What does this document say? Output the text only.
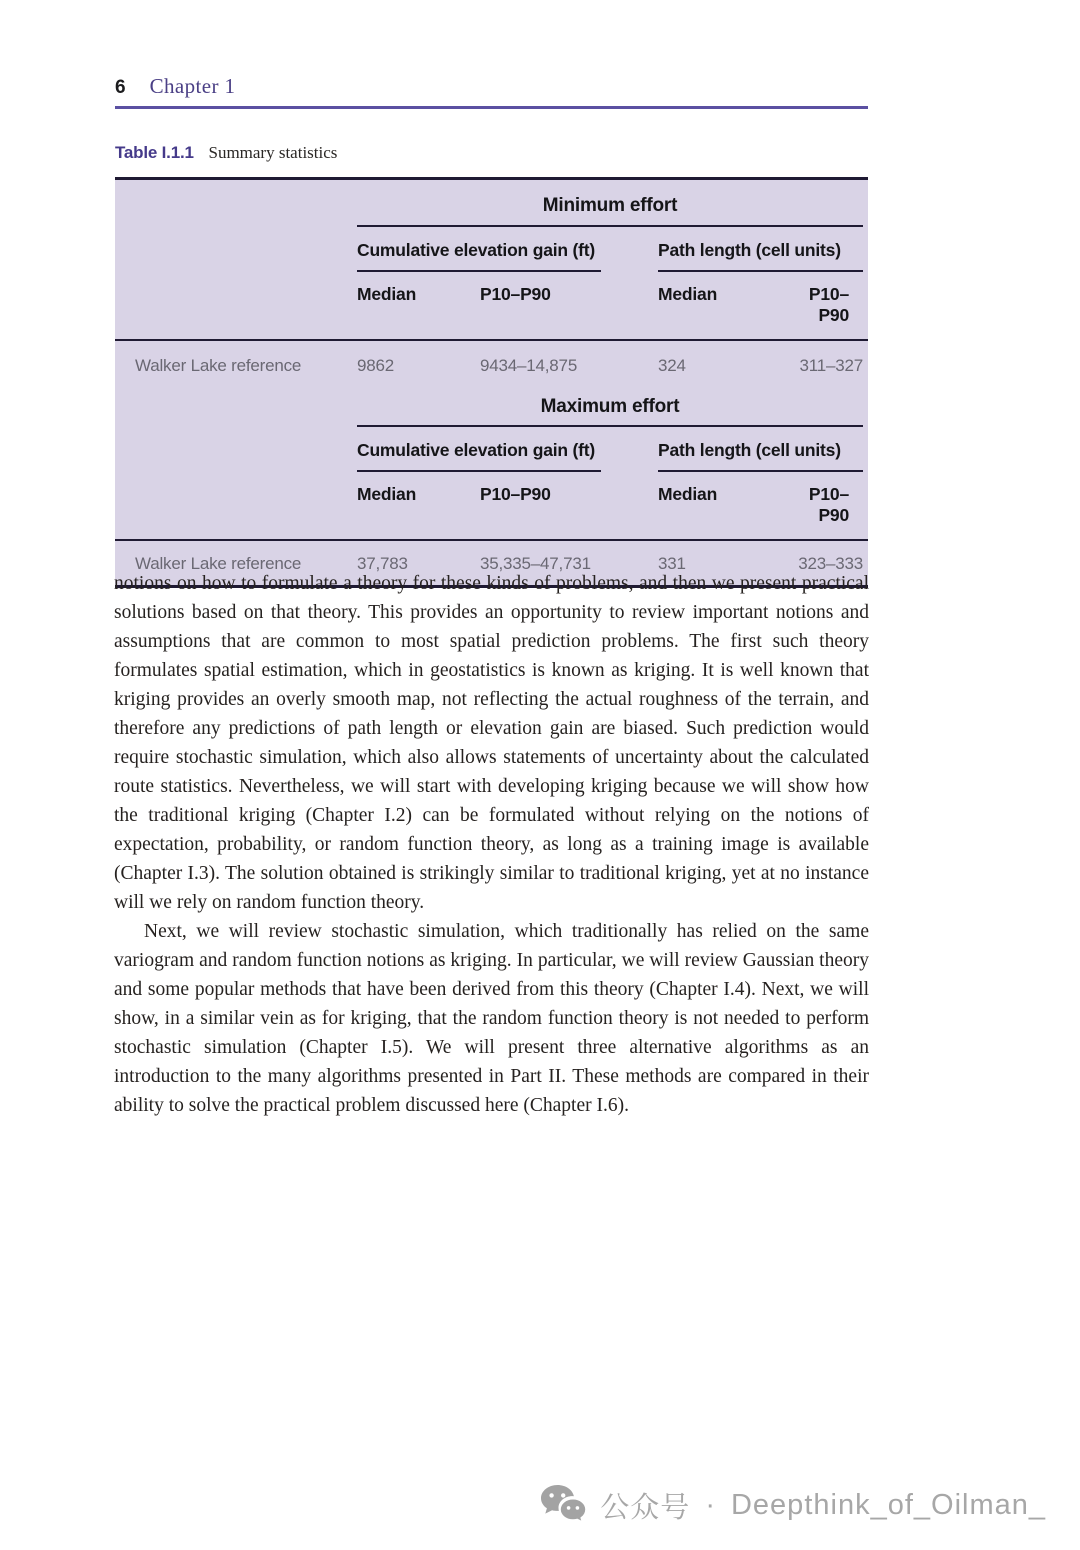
6 Chapter 1
Table I.1.1 Summary statistics
Minimum effort
Cumulative elevation gain (ft)	Path length (cell units)
Median	P10–P90	Median	P10–P90
Walker Lake reference	9862	9434–14,875	324	311–327
Maximum effort
Cumulative elevation gain (ft)	Path length (cell units)
Median	P10–P90	Median	P10–P90
Walker Lake reference	37,783	35,335–47,731	331	323–333

notions on how to formulate a theory for these kinds of problems, and then we present practical solutions based on that theory. This provides an opportunity to review important notions and assumptions that are common to most spatial prediction problems. The first such theory formulates spatial estimation, which in geostatistics is known as kriging. It is well known that kriging provides an overly smooth map, not reflecting the actual roughness of the terrain, and therefore any predictions of path length or elevation gain are biased. Such prediction would require stochastic simulation, which also allows statements of uncertainty about the calculated route statistics. Nevertheless, we will start with developing kriging because we will show how the traditional kriging (Chapter I.2) can be formulated without relying on the notions of expectation, probability, or random function theory, as long as a training image is available (Chapter I.3). The solution obtained is strikingly similar to traditional kriging, yet at no instance will we rely on random function theory.

Next, we will review stochastic simulation, which traditionally has relied on the same variogram and random function notions as kriging. In particular, we will review Gaussian theory and some popular methods that have been derived from this theory (Chapter I.4). Next, we will show, in a similar vein as for kriging, that the random function theory is not needed to perform stochastic simulation (Chapter I.5). We will present three alternative algorithms as an introduction to the many algorithms presented in Part II. These methods are compared in their ability to solve the practical problem discussed here (Chapter I.6).

公众号 · Deepthink_of_Oilman_
